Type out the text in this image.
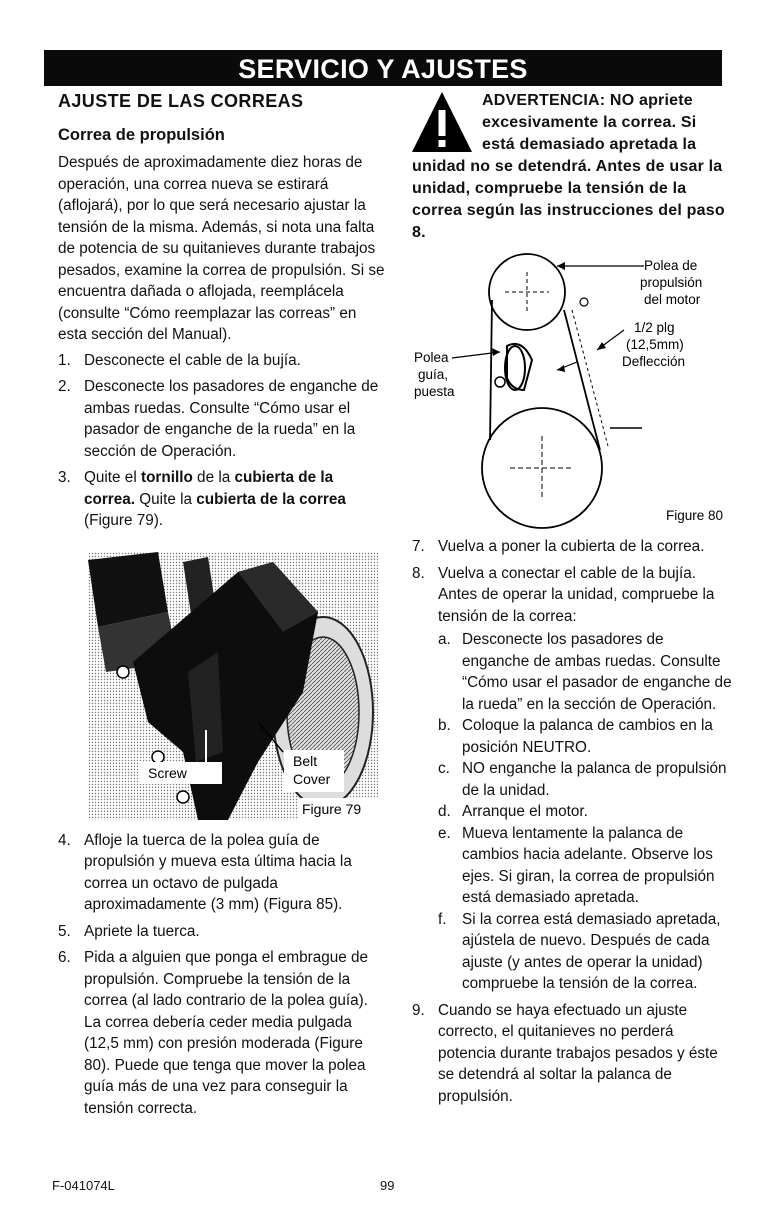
SERVICIO Y AJUSTES
AJUSTE DE LAS CORREAS
Correa de propulsión

Después de aproximadamente diez horas de operación, una correa nueva se estirará (aflojará), por lo que será necesario ajustar la tensión de la misma. Además, si nota una falta de potencia de su quitanieves durante trabajos pesados, examine la correa de propulsión. Si se encuentra dañada o aflojada, reemplácela (consulte “Cómo reemplazar las correas” en esta sección del Manual).

1. Desconecte el cable de la bujía.
2. Desconecte los pasadores de enganche de ambas ruedas. Consulte “Cómo usar el pasador de enganche de la rueda” en la sección de Operación.
3. Quite el tornillo de la cubierta de la correa. Quite la cubierta de la correa (Figure 79).
Screw
Belt
Cover
Figure 79
4. Afloje la tuerca de la polea guía de propulsión y mueva esta última hacia la correa un octavo de pulgada aproximadamente (3 mm) (Figura 85).
5. Apriete la tuerca.
6. Pida a alguien que ponga el embrague de propulsión. Compruebe la tensión de la correa (al lado contrario de la polea guía). La correa debería ceder media pulgada (12,5 mm) con presión moderada (Figure 80). Puede que tenga que mover la polea guía más de una vez para conseguir la tensión correcta.
ADVERTENCIA: NO apriete excesivamente la correa. Si está demasiado apretada la unidad no se detendrá. Antes de usar la unidad, compruebe la tensión de la correa según las instrucciones del paso 8.
Polea de
propulsión
del motor
1/2 plg
(12,5mm)
Deflección
Polea
guía,
puesta
Figure 80
7. Vuelva a poner la cubierta de la correa.
8. Vuelva a conectar el cable de la bujía. Antes de operar la unidad, compruebe la tensión de la correa:
a. Desconecte los pasadores de enganche de ambas ruedas. Consulte “Cómo usar el pasador de enganche de la rueda” en la sección de Operación.
b. Coloque la palanca de cambios en la posición NEUTRO.
c. NO enganche la palanca de propulsión de la unidad.
d. Arranque el motor.
e. Mueva lentamente la palanca de cambios hacia adelante. Observe los ejes. Si giran, la correa de propulsión está demasiado apretada.
f. Si la correa está demasiado apretada, ajústela de nuevo. Después de cada ajuste (y antes de operar la unidad) compruebe la tensión de la correa.
9. Cuando se haya efectuado un ajuste correcto, el quitanieves no perderá potencia durante trabajos pesados y éste se detendrá al soltar la palanca de propulsión.
F-041074L	99
